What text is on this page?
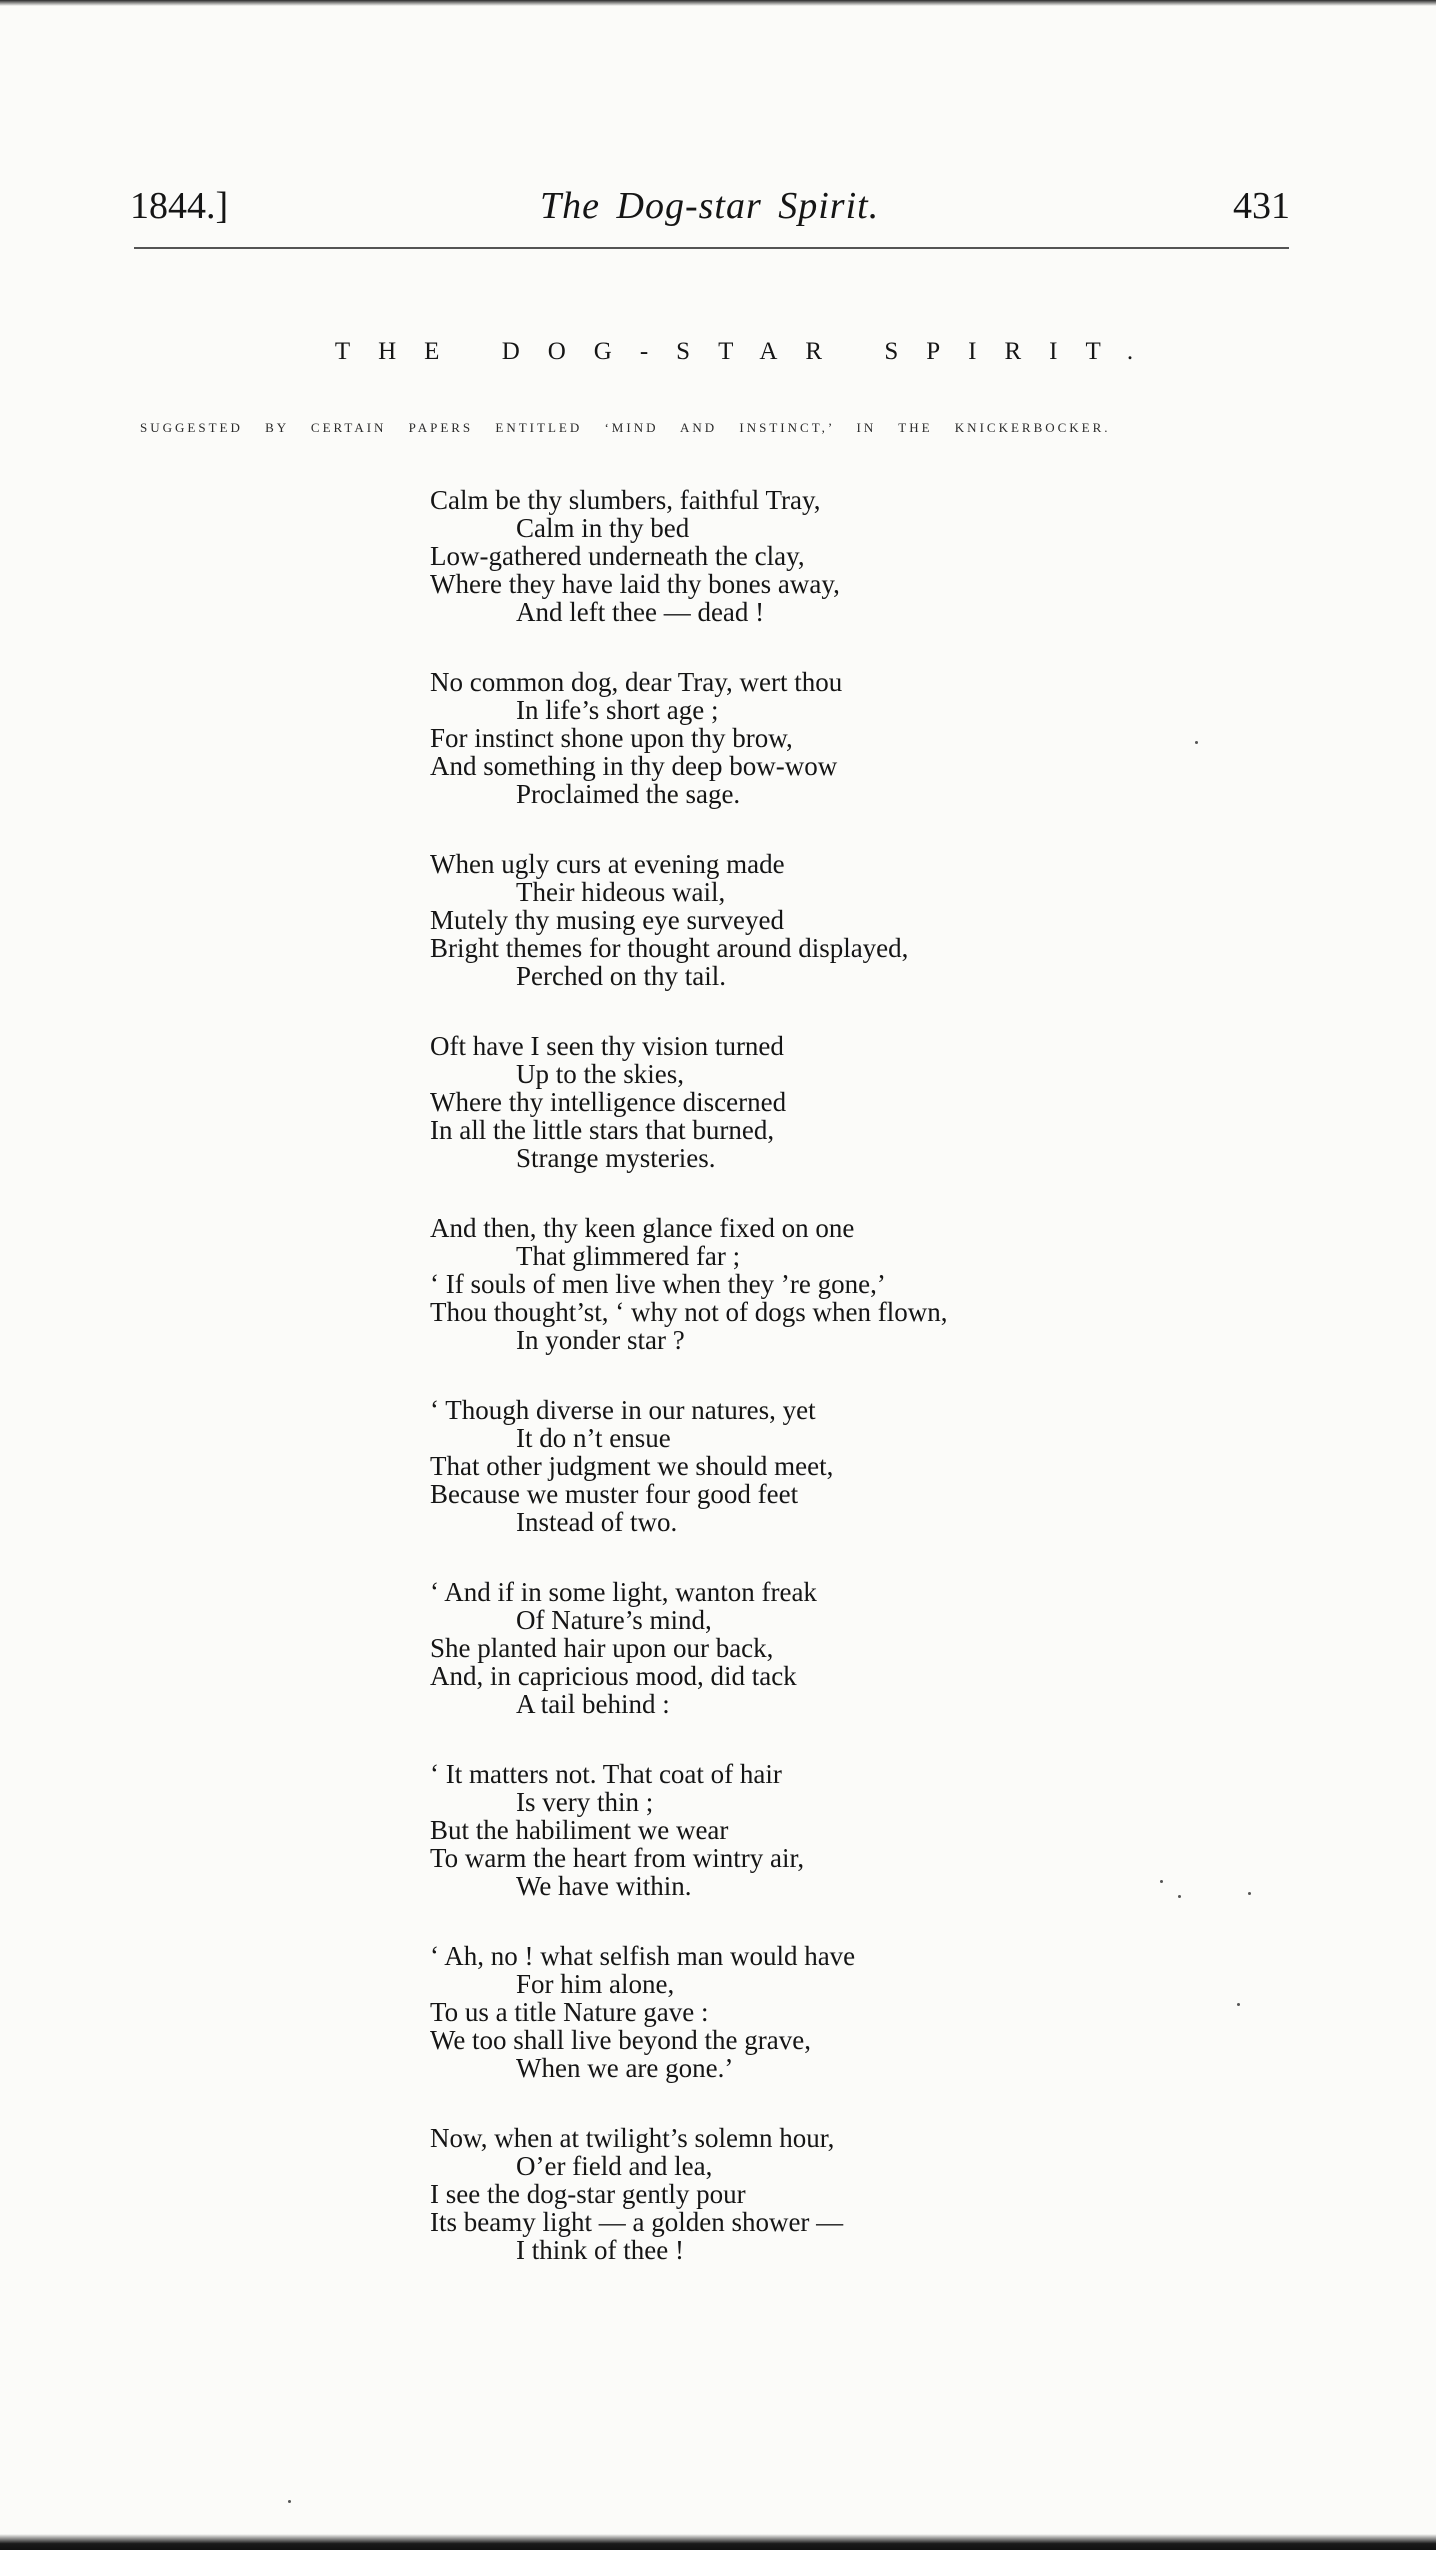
1844.]	The Dog-star Spirit.	431
THE DOG-STAR SPIRIT.
SUGGESTED BY CERTAIN PAPERS ENTITLED ‘MIND AND INSTINCT,’ IN THE KNICKERBOCKER.
Calm be thy slumbers, faithful Tray,
Calm in thy bed
Low-gathered underneath the clay,
Where they have laid thy bones away,
And left thee — dead !
No common dog, dear Tray, wert thou
In life’s short age ;
For instinct shone upon thy brow,
And something in thy deep bow-wow
Proclaimed the sage.
When ugly curs at evening made
Their hideous wail,
Mutely thy musing eye surveyed
Bright themes for thought around displayed,
Perched on thy tail.
Oft have I seen thy vision turned
Up to the skies,
Where thy intelligence discerned
In all the little stars that burned,
Strange mysteries.
And then, thy keen glance fixed on one
That glimmered far ;
‘ If souls of men live when they ’re gone,’
Thou thought’st, ‘ why not of dogs when flown,
In yonder star ?
‘ Though diverse in our natures, yet
It do n’t ensue
That other judgment we should meet,
Because we muster four good feet
Instead of two.
‘ And if in some light, wanton freak
Of Nature’s mind,
She planted hair upon our back,
And, in capricious mood, did tack
A tail behind :
‘ It matters not. That coat of hair
Is very thin ;
But the habiliment we wear
To warm the heart from wintry air,
We have within.
‘ Ah, no ! what selfish man would have
For him alone,
To us a title Nature gave :
We too shall live beyond the grave,
When we are gone.’
Now, when at twilight’s solemn hour,
O’er field and lea,
I see the dog-star gently pour
Its beamy light — a golden shower —
I think of thee !
